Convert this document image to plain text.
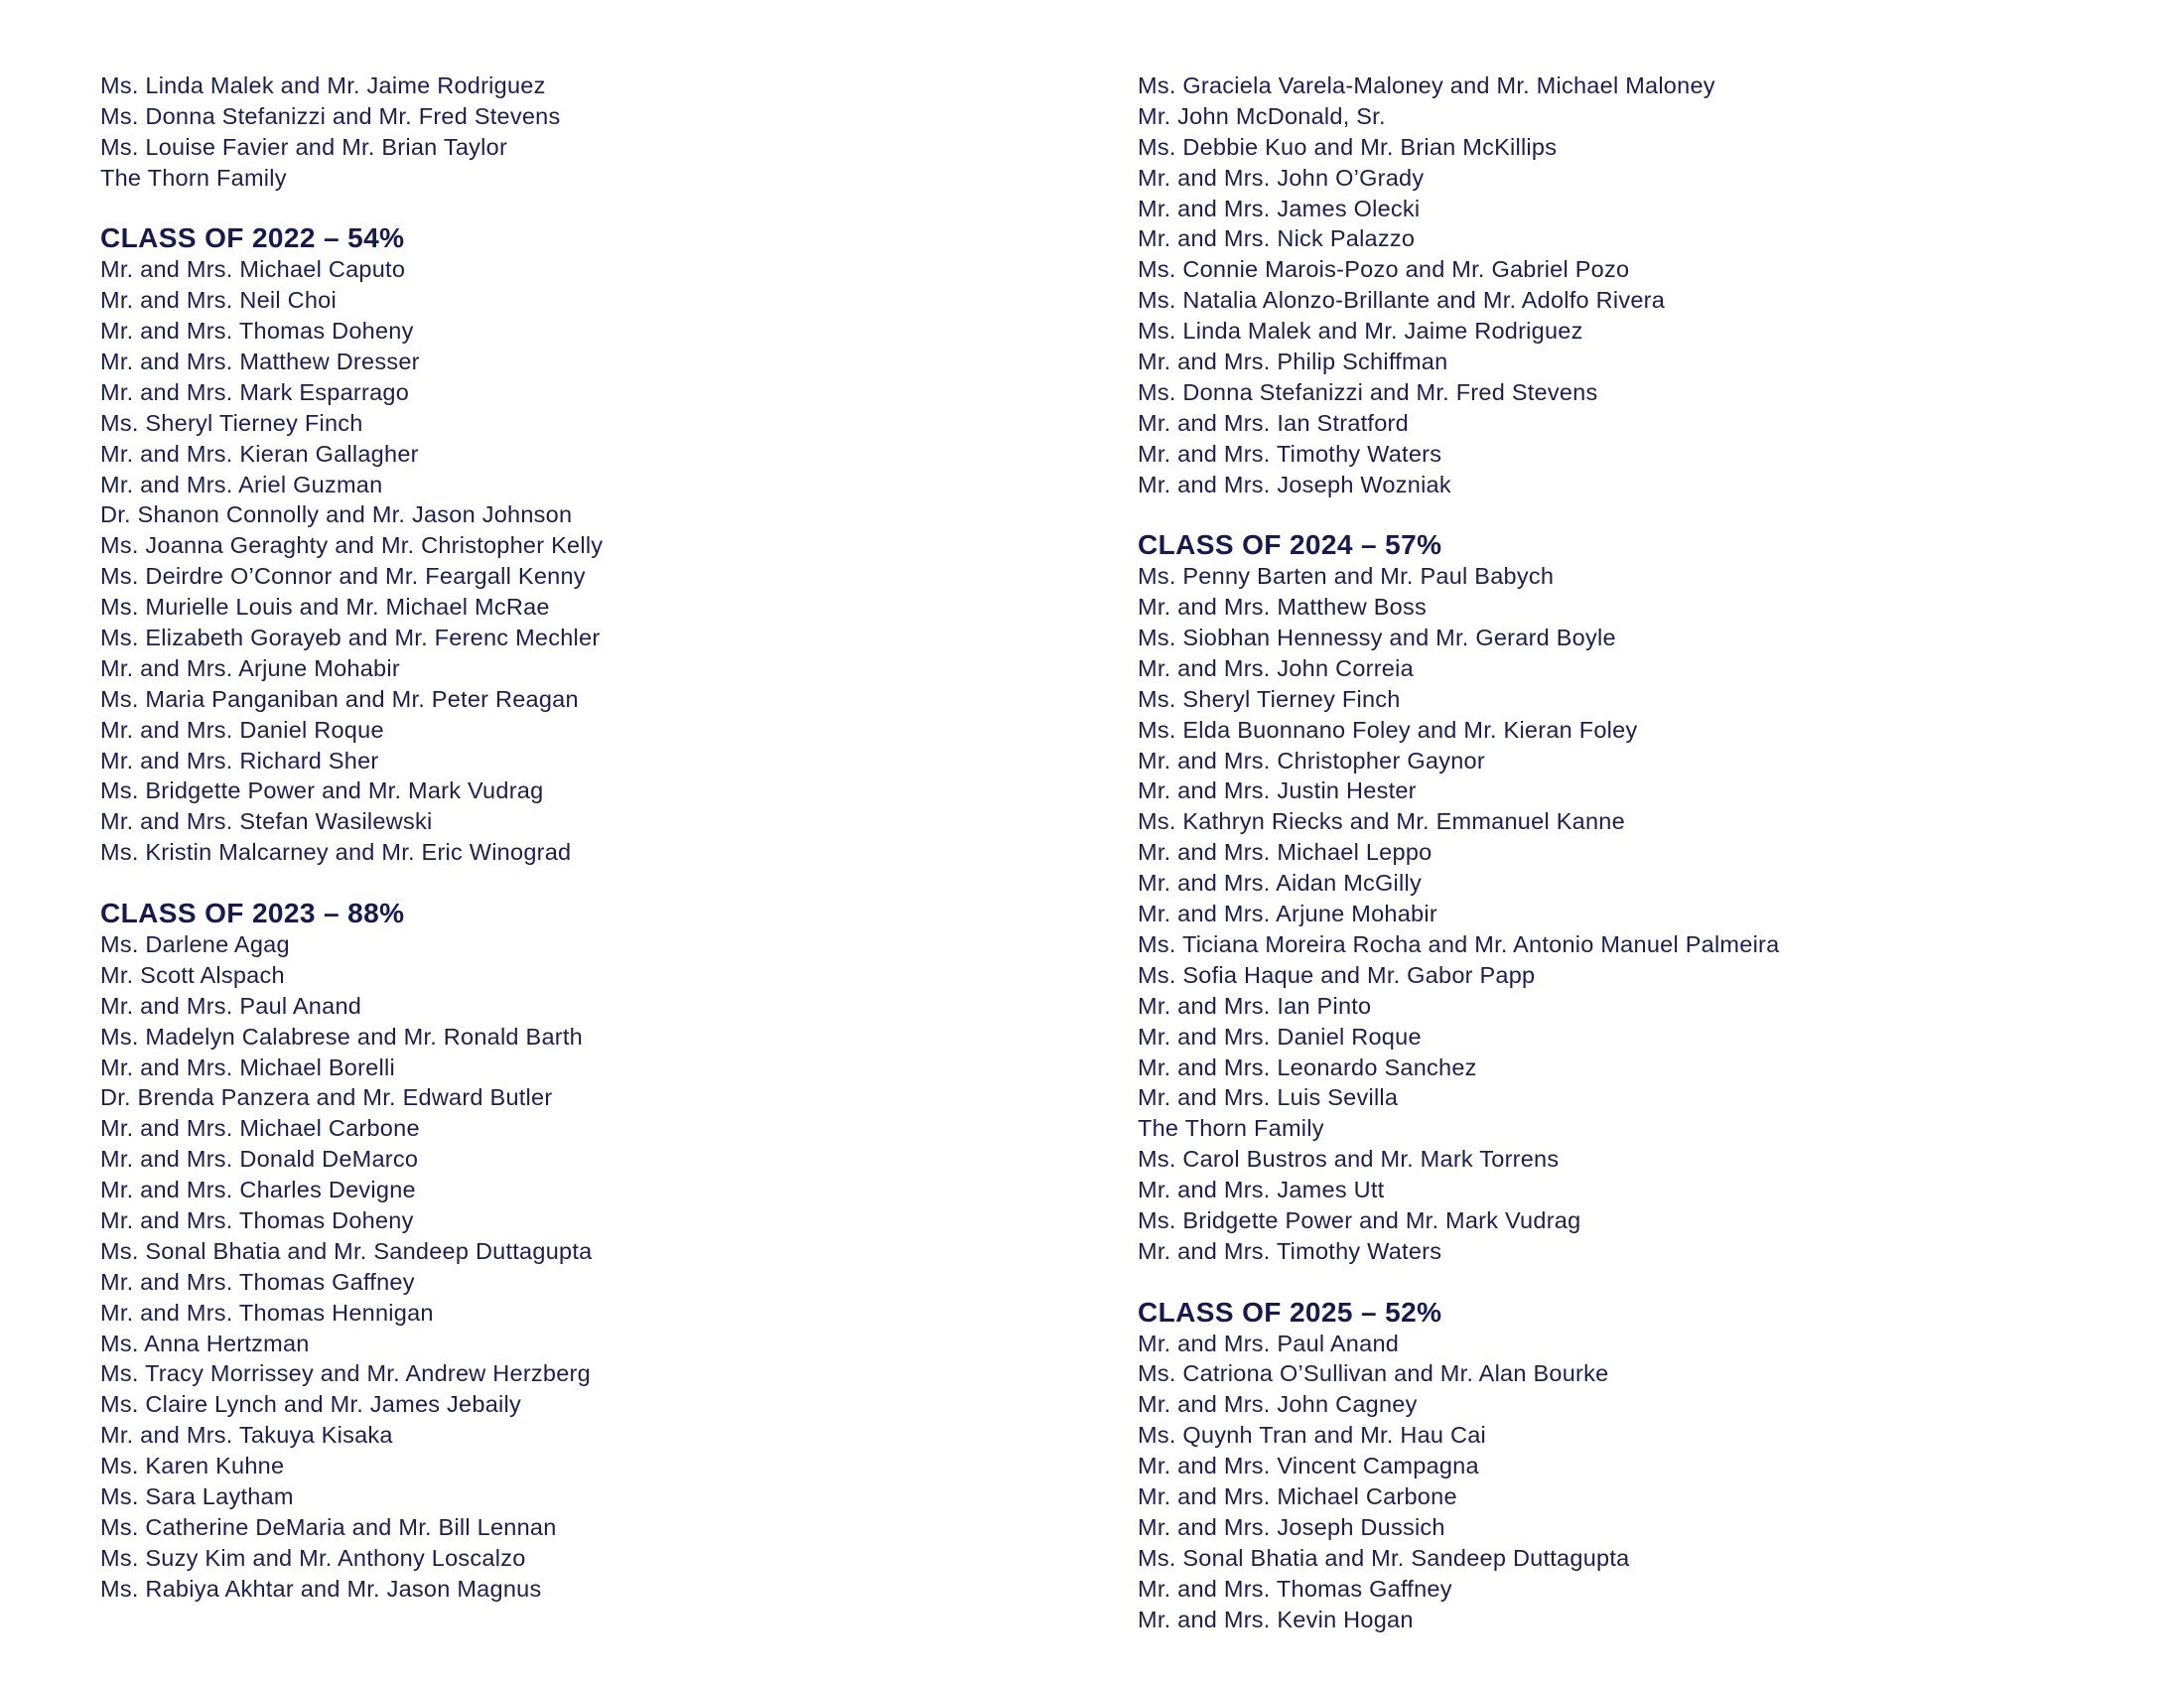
Ms. Linda Malek and Mr. Jaime Rodriguez
Ms. Donna Stefanizzi and Mr. Fred Stevens
Ms. Louise Favier and Mr. Brian Taylor
The Thorn Family
CLASS OF 2022 – 54%
Mr. and Mrs. Michael Caputo
Mr. and Mrs. Neil Choi
Mr. and Mrs. Thomas Doheny
Mr. and Mrs. Matthew Dresser
Mr. and Mrs. Mark Esparrago
Ms. Sheryl Tierney Finch
Mr. and Mrs. Kieran Gallagher
Mr. and Mrs. Ariel Guzman
Dr. Shanon Connolly and Mr. Jason Johnson
Ms. Joanna Geraghty and Mr. Christopher Kelly
Ms. Deirdre O’Connor and Mr. Feargall Kenny
Ms. Murielle Louis and Mr. Michael McRae
Ms. Elizabeth Gorayeb and Mr. Ferenc Mechler
Mr. and Mrs. Arjune Mohabir
Ms. Maria Panganiban and Mr. Peter Reagan
Mr. and Mrs. Daniel Roque
Mr. and Mrs. Richard Sher
Ms. Bridgette Power and Mr. Mark Vudrag
Mr. and Mrs. Stefan Wasilewski
Ms. Kristin Malcarney and Mr. Eric Winograd
CLASS OF 2023 – 88%
Ms. Darlene Agag
Mr. Scott Alspach
Mr. and Mrs. Paul Anand
Ms. Madelyn Calabrese and Mr. Ronald Barth
Mr. and Mrs. Michael Borelli
Dr. Brenda Panzera and Mr. Edward Butler
Mr. and Mrs. Michael Carbone
Mr. and Mrs. Donald DeMarco
Mr. and Mrs. Charles Devigne
Mr. and Mrs. Thomas Doheny
Ms. Sonal Bhatia and Mr. Sandeep Duttagupta
Mr. and Mrs. Thomas Gaffney
Mr. and Mrs. Thomas Hennigan
Ms. Anna Hertzman
Ms. Tracy Morrissey and Mr. Andrew Herzberg
Ms. Claire Lynch and Mr. James Jebaily
Mr. and Mrs. Takuya Kisaka
Ms. Karen Kuhne
Ms. Sara Laytham
Ms. Catherine DeMaria and Mr. Bill Lennan
Ms. Suzy Kim and Mr. Anthony Loscalzo
Ms. Rabiya Akhtar and Mr. Jason Magnus
Ms. Graciela Varela-Maloney and Mr. Michael Maloney
Mr. John McDonald, Sr.
Ms. Debbie Kuo and Mr. Brian McKillips
Mr. and Mrs. John O’Grady
Mr. and Mrs. James Olecki
Mr. and Mrs. Nick Palazzo
Ms. Connie Marois-Pozo and Mr. Gabriel Pozo
Ms. Natalia Alonzo-Brillante and Mr. Adolfo Rivera
Ms. Linda Malek and Mr. Jaime Rodriguez
Mr. and Mrs. Philip Schiffman
Ms. Donna Stefanizzi and Mr. Fred Stevens
Mr. and Mrs. Ian Stratford
Mr. and Mrs. Timothy Waters
Mr. and Mrs. Joseph Wozniak
CLASS OF 2024 – 57%
Ms. Penny Barten and Mr. Paul Babych
Mr. and Mrs. Matthew Boss
Ms. Siobhan Hennessy and Mr. Gerard Boyle
Mr. and Mrs. John Correia
Ms. Sheryl Tierney Finch
Ms. Elda Buonnano Foley and Mr. Kieran Foley
Mr. and Mrs. Christopher Gaynor
Mr. and Mrs. Justin Hester
Ms. Kathryn Riecks and Mr. Emmanuel Kanne
Mr. and Mrs. Michael Leppo
Mr. and Mrs. Aidan McGilly
Mr. and Mrs. Arjune Mohabir
Ms. Ticiana Moreira Rocha and Mr. Antonio Manuel Palmeira
Ms. Sofia Haque and Mr. Gabor Papp
Mr. and Mrs. Ian Pinto
Mr. and Mrs. Daniel Roque
Mr. and Mrs. Leonardo Sanchez
Mr. and Mrs. Luis Sevilla
The Thorn Family
Ms. Carol Bustros and Mr. Mark Torrens
Mr. and Mrs. James Utt
Ms. Bridgette Power and Mr. Mark Vudrag
Mr. and Mrs. Timothy Waters
CLASS OF 2025 – 52%
Mr. and Mrs. Paul Anand
Ms. Catriona O’Sullivan and Mr. Alan Bourke
Mr. and Mrs. John Cagney
Ms. Quynh Tran and Mr. Hau Cai
Mr. and Mrs. Vincent Campagna
Mr. and Mrs. Michael Carbone
Mr. and Mrs. Joseph Dussich
Ms. Sonal Bhatia and Mr. Sandeep Duttagupta
Mr. and Mrs. Thomas Gaffney
Mr. and Mrs. Kevin Hogan
